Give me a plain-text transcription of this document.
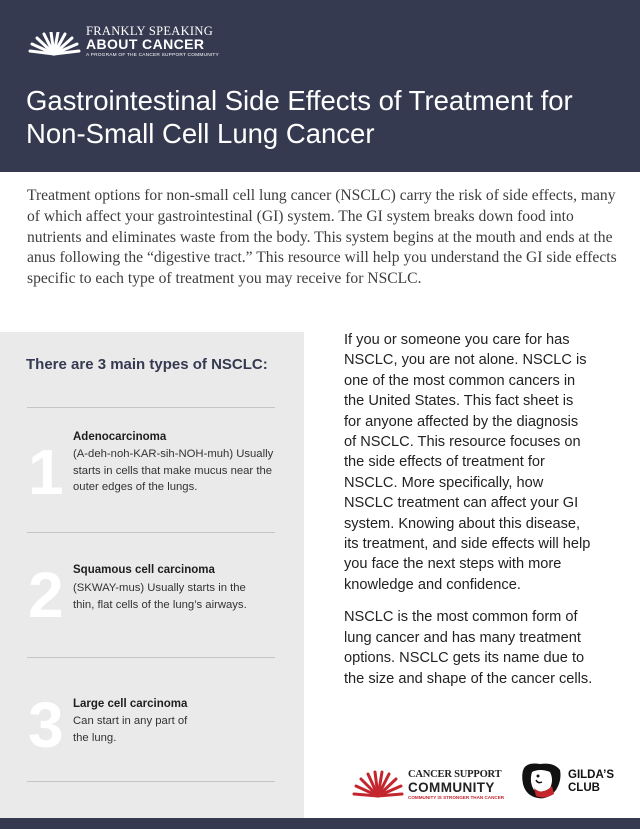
FRANKLY SPEAKING
ABOUT CANCER
A PROGRAM OF THE CANCER SUPPORT COMMUNITY
Gastrointestinal Side Effects of Treatment for Non-Small Cell Lung Cancer

Treatment options for non-small cell lung cancer (NSCLC) carry the risk of side effects, many of which affect your gastrointestinal (GI) system. The GI system breaks down food into nutrients and eliminates waste from the body. This system begins at the mouth and ends at the anus following the “digestive tract.” This resource will help you understand the GI side effects specific to each type of treatment you may receive for NSCLC.

There are 3 main types of NSCLC:
1 Adenocarcinoma
(A-deh-noh-KAR-sih-NOH-muh) Usually starts in cells that make mucus near the outer edges of the lungs.
2 Squamous cell carcinoma
(SKWAY-mus) Usually starts in the thin, flat cells of the lung’s airways.
3 Large cell carcinoma
Can start in any part of the lung.

If you or someone you care for has NSCLC, you are not alone. NSCLC is one of the most common cancers in the United States. This fact sheet is for anyone affected by the diagnosis of NSCLC. This resource focuses on the side effects of treatment for NSCLC. More specifically, how NSCLC treatment can affect your GI system. Knowing about this disease, its treatment, and side effects will help you face the next steps with more knowledge and confidence.

NSCLC is the most common form of lung cancer and has many treatment options. NSCLC gets its name due to the size and shape of the cancer cells.

CANCER SUPPORT
COMMUNITY
COMMUNITY IS STRONGER THAN CANCER
GILDA’S CLUB
